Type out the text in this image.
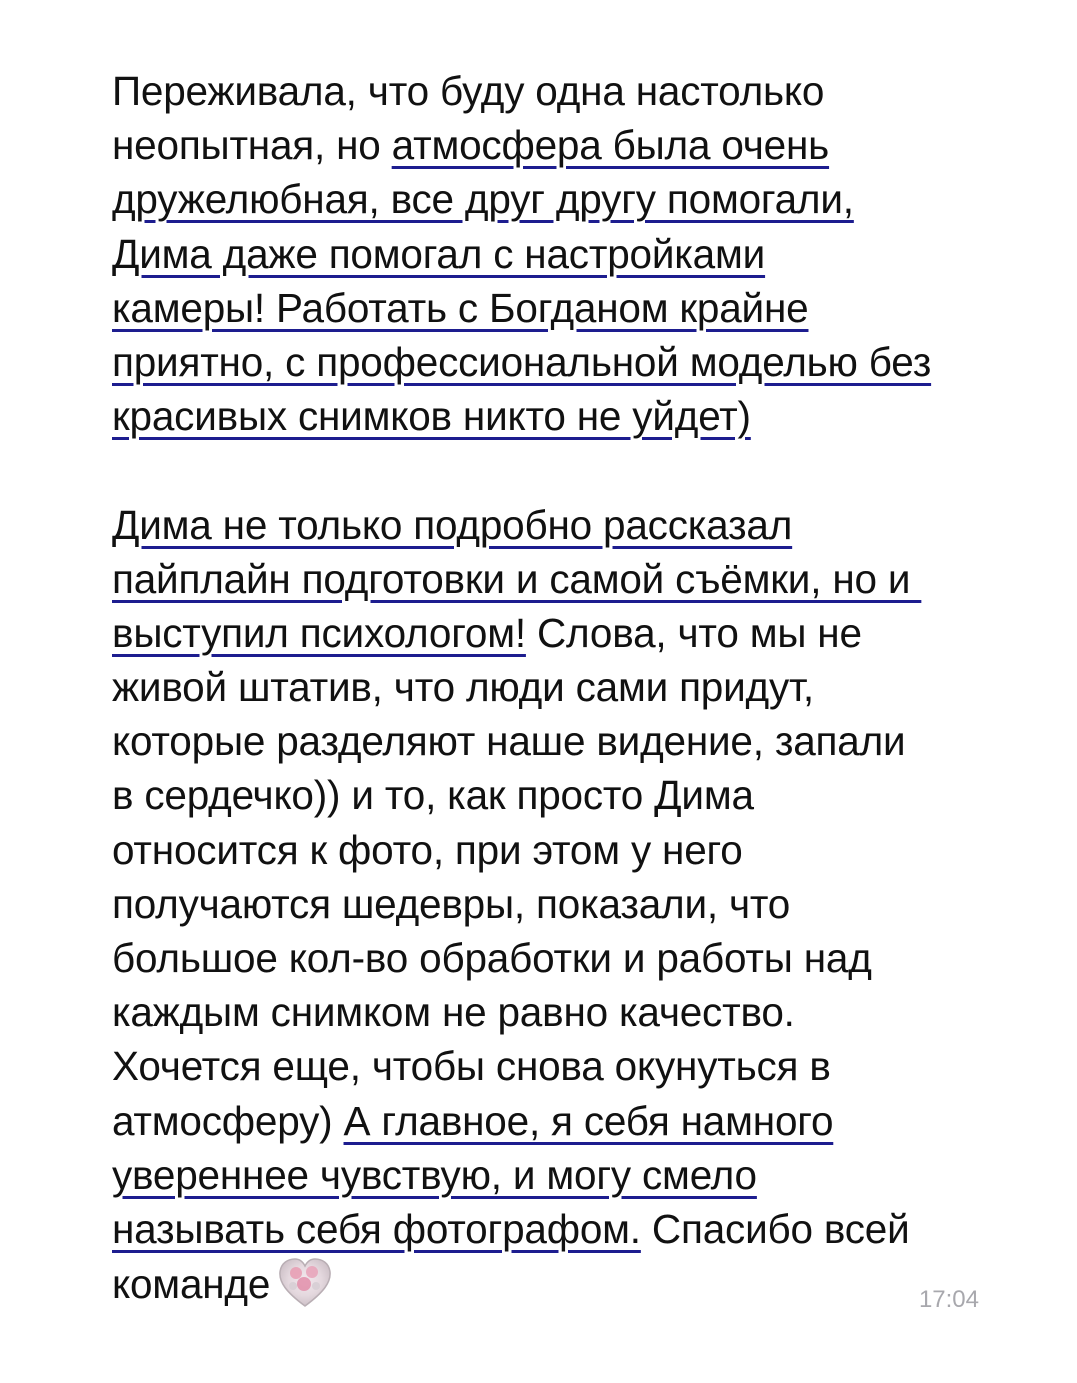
Переживала, что буду одна настолько
неопытная, но атмосфера была очень
дружелюбная, все друг другу помогали,
Дима даже помогал с настройками
камеры! Работать с Богданом крайне
приятно, с профессиональной моделью без
красивых снимков никто не уйдет)
Дима не только подробно рассказал
пайплайн подготовки и самой съёмки, но и
выступил психологом! Слова, что мы не
живой штатив, что люди сами придут,
которые разделяют наше видение, запали
в сердечко)) и то, как просто Дима
относится к фото, при этом у него
получаются шедевры, показали, что
большое кол-во обработки и работы над
каждым снимком не равно качество.
Хочется еще, чтобы снова окунуться в
атмосферу) А главное, я себя намного
увереннее чувствую, и могу смело
называть себя фотографом. Спасибо всей
команде	17:04
